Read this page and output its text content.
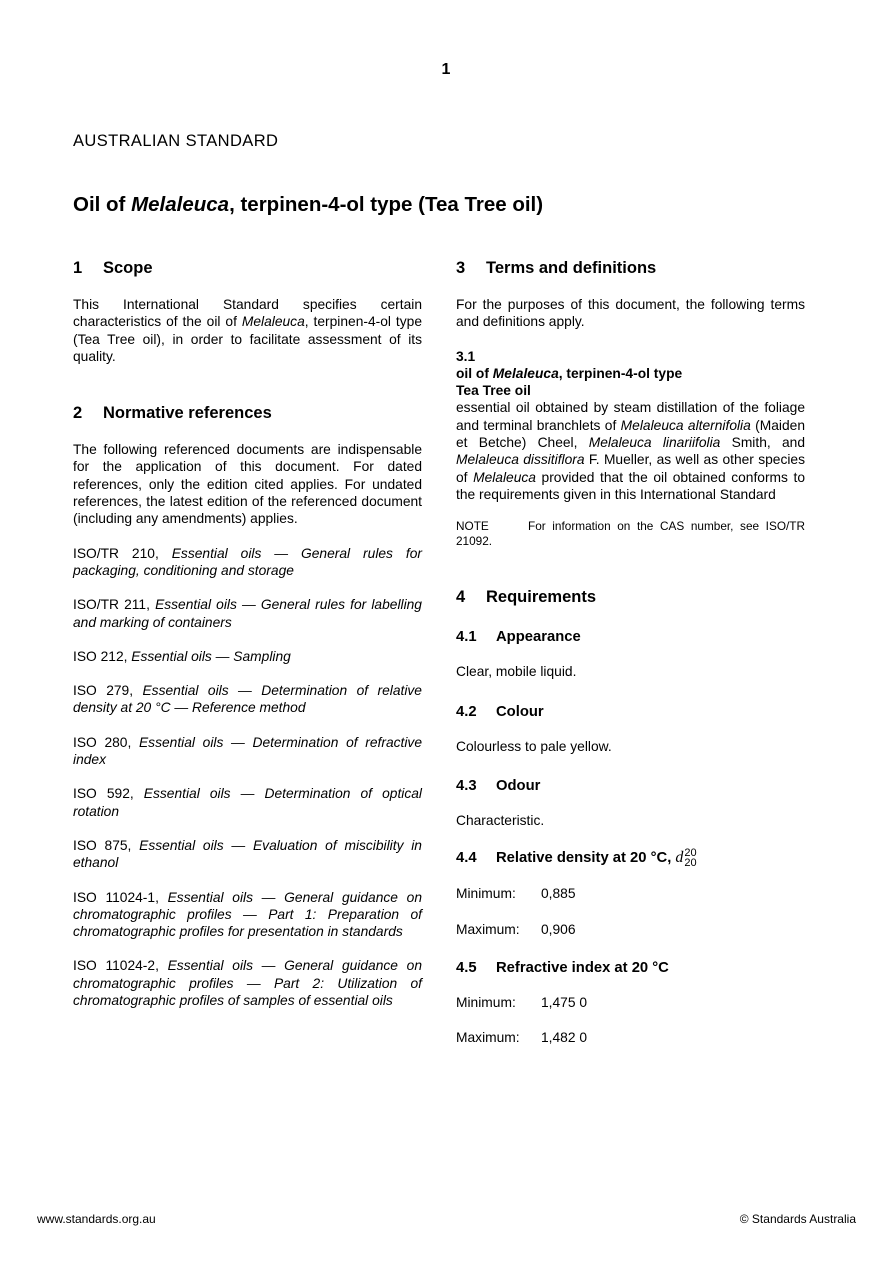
1
AUSTRALIAN STANDARD
Oil of Melaleuca, terpinen-4-ol type (Tea Tree oil)
1 Scope

This International Standard specifies certain characteristics of the oil of Melaleuca, terpinen-4-ol type (Tea Tree oil), in order to facilitate assessment of its quality.

2 Normative references

The following referenced documents are indispensable for the application of this document. For dated references, only the edition cited applies. For undated references, the latest edition of the referenced document (including any amendments) applies.

ISO/TR 210, Essential oils — General rules for packaging, conditioning and storage

ISO/TR 211, Essential oils — General rules for labelling and marking of containers

ISO 212, Essential oils — Sampling

ISO 279, Essential oils — Determination of relative density at 20 °C — Reference method

ISO 280, Essential oils — Determination of refractive index

ISO 592, Essential oils — Determination of optical rotation

ISO 875, Essential oils — Evaluation of miscibility in ethanol

ISO 11024-1, Essential oils — General guidance on chromatographic profiles — Part 1: Preparation of chromatographic profiles for presentation in standards

ISO 11024-2, Essential oils — General guidance on chromatographic profiles — Part 2: Utilization of chromatographic profiles of samples of essential oils

3 Terms and definitions

For the purposes of this document, the following terms and definitions apply.

3.1

oil of Melaleuca, terpinen-4-ol type

Tea Tree oil

essential oil obtained by steam distillation of the foliage and terminal branchlets of Melaleuca alternifolia (Maiden et Betche) Cheel, Melaleuca linariifolia Smith, and Melaleuca dissitiflora F. Mueller, as well as other species of Melaleuca provided that the oil obtained conforms to the requirements given in this International Standard

NOTE	For information on the CAS number, see ISO/TR 21092.

4 Requirements
4.1 Appearance

Clear, mobile liquid.

4.2 Colour

Colourless to pale yellow.

4.3 Odour

Characteristic.

4.4 Relative density at 20 °C, d20
20

Minimum: 0,885

Maximum: 0,906

4.5 Refractive index at 20 °C

Minimum: 1,475 0

Maximum: 1,482 0

www.standards.org.au	© Standards Australia
